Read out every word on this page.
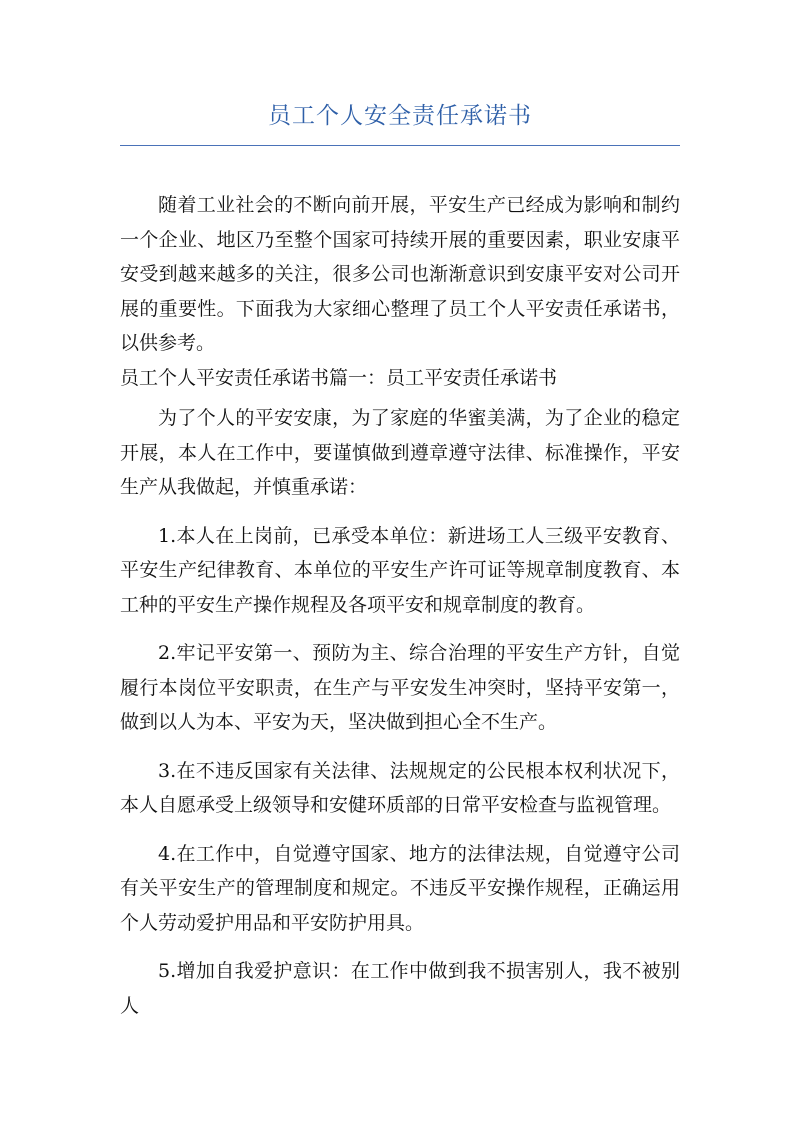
员工个人安全责任承诺书

随着工业社会的不断向前开展，平安生产已经成为影响和制约一个企业、地区乃至整个国家可持续开展的重要因素，职业安康平安受到越来越多的关注，很多公司也渐渐意识到安康平安对公司开展的重要性。下面我为大家细心整理了员工个人平安责任承诺书，以供参考。

员工个人平安责任承诺书篇一：员工平安责任承诺书

为了个人的平安安康，为了家庭的华蜜美满，为了企业的稳定开展，本人在工作中，要谨慎做到遵章遵守法律、标准操作，平安生产从我做起，并慎重承诺：

1.本人在上岗前，已承受本单位：新进场工人三级平安教育、平安生产纪律教育、本单位的平安生产许可证等规章制度教育、本工种的平安生产操作规程及各项平安和规章制度的教育。

2.牢记平安第一、预防为主、综合治理的平安生产方针，自觉履行本岗位平安职责，在生产与平安发生冲突时，坚持平安第一，做到以人为本、平安为天，坚决做到担心全不生产。

3.在不违反国家有关法律、法规规定的公民根本权利状况下，本人自愿承受上级领导和安健环质部的日常平安检查与监视管理。

4.在工作中，自觉遵守国家、地方的法律法规，自觉遵守公司有关平安生产的管理制度和规定。不违反平安操作规程，正确运用个人劳动爱护用品和平安防护用具。

5.增加自我爱护意识：在工作中做到我不损害别人，我不被别人
